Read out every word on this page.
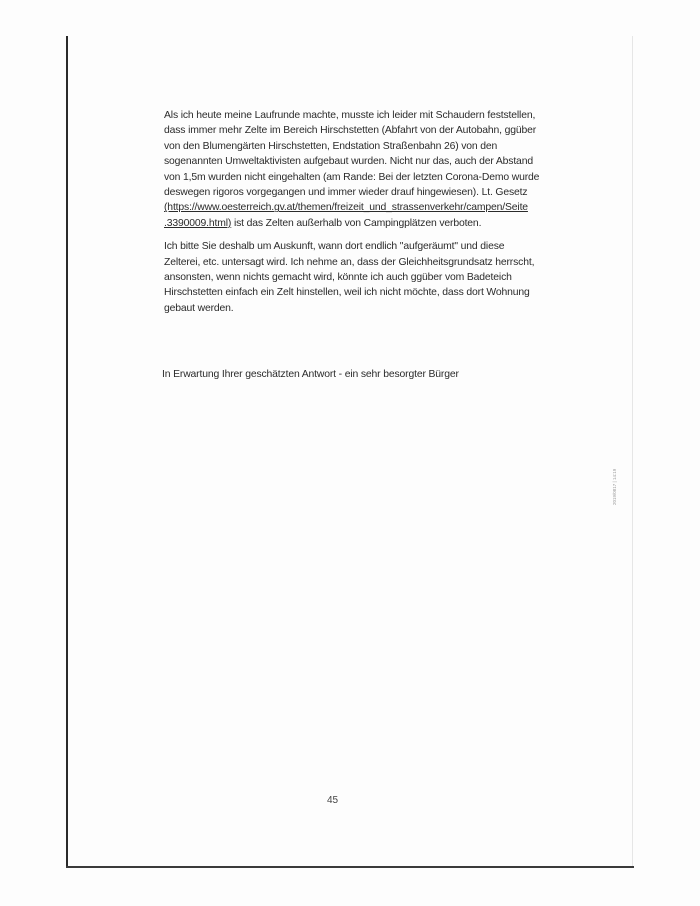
Als ich heute meine Laufrunde machte, musste ich leider mit Schaudern feststellen,
dass immer mehr Zelte im Bereich Hirschstetten (Abfahrt von der Autobahn, ggüber
von den Blumengärten Hirschstetten, Endstation Straßenbahn 26) von den
sogenannten Umweltaktivisten aufgebaut wurden. Nicht nur das, auch der Abstand
von 1,5m wurden nicht eingehalten (am Rande: Bei der letzten Corona-Demo wurde
deswegen rigoros vorgegangen und immer wieder drauf hingewiesen). Lt. Gesetz
(https://www.oesterreich.gv.at/themen/freizeit_und_strassenverkehr/campen/Seite
.3390009.html) ist das Zelten außerhalb von Campingplätzen verboten.

Ich bitte Sie deshalb um Auskunft, wann dort endlich "aufgeräumt" und diese
Zelterei, etc. untersagt wird. Ich nehme an, dass der Gleichheitsgrundsatz herrscht,
ansonsten, wenn nichts gemacht wird, könnte ich auch ggüber vom Badeteich
Hirschstetten einfach ein Zelt hinstellen, weil ich nicht möchte, dass dort Wohnung
gebaut werden.

In Erwartung Ihrer geschätzten Antwort - ein sehr besorgter Bürger
2019/0817 | 14:19
45
